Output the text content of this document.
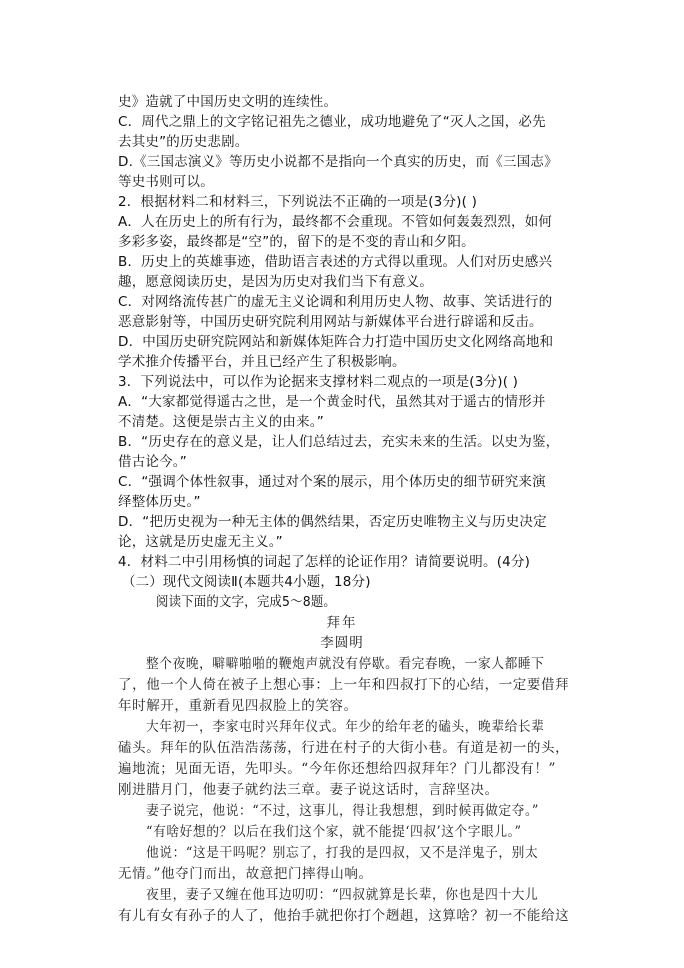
史》造就了中国历史文明的连续性。
C．周代之鼎上的文字铭记祖先之德业，成功地避免了“灭人之国，必先
去其史”的历史悲剧。
D.《三国志演义》等历史小说都不是指向一个真实的历史，而《三国志》
等史书则可以。
2．根据材料二和材料三，下列说法不正确的一项是(3分)( )
A．人在历史上的所有行为，最终都不会重现。不管如何轰轰烈烈，如何
多彩多姿，最终都是“空”的，留下的是不变的青山和夕阳。
B．历史上的英雄事迹，借助语言表述的方式得以重现。人们对历史感兴
趣，愿意阅读历史，是因为历史对我们当下有意义。
C．对网络流传甚广的虚无主义论调和利用历史人物、故事、笑话进行的
恶意影射等，中国历史研究院利用网站与新媒体平台进行辟谣和反击。
D．中国历史研究院网站和新媒体矩阵合力打造中国历史文化网络高地和
学术推介传播平台，并且已经产生了积极影响。
3．下列说法中，可以作为论据来支撑材料二观点的一项是(3分)( )
A．“大家都觉得遥古之世，是一个黄金时代，虽然其对于遥古的情形并
不清楚。这便是崇古主义的由来。”
B．“历史存在的意义是，让人们总结过去，充实未来的生活。以史为鉴，
借古论今。”
C．“强调个体性叙事，通过对个案的展示，用个体历史的细节研究来演
绎整体历史。”
D．“把历史视为一种无主体的偶然结果，否定历史唯物主义与历史决定
论，这就是历史虚无主义。”
4．材料二中引用杨慎的词起了怎样的论证作用？请简要说明。(4分)
（二）现代文阅读Ⅱ(本题共4小题，18分)
阅读下面的文字，完成5～8题。
拜年
李圆明
整个夜晚，噼噼啪啪的鞭炮声就没有停歇。看完春晚，一家人都睡下
了，他一个人倚在被子上想心事：上一年和四叔打下的心结，一定要借拜
年时解开，重新看见四叔脸上的笑容。
大年初一，李家屯时兴拜年仪式。年少的给年老的磕头，晚辈给长辈
磕头。拜年的队伍浩浩荡荡，行进在村子的大街小巷。有道是初一的头，
遍地流；见面无语，先叩头。“今年你还想给四叔拜年？门儿都没有！”
刚进腊月门，他妻子就约法三章。妻子说这话时，言辞坚决。
妻子说完，他说：“不过，这事儿，得让我想想，到时候再做定夺。”
“有啥好想的？以后在我们这个家，就不能提‘四叔’这个字眼儿。”
他说：“这是干吗呢？别忘了，打我的是四叔，又不是洋鬼子，别太
无情。”他夺门而出，故意把门摔得山响。
夜里，妻子又缠在他耳边叨叨：“四叔就算是长辈，你也是四十大儿
有儿有女有孙子的人了，他抬手就把你打个趔趄，这算啥？初一不能给这
